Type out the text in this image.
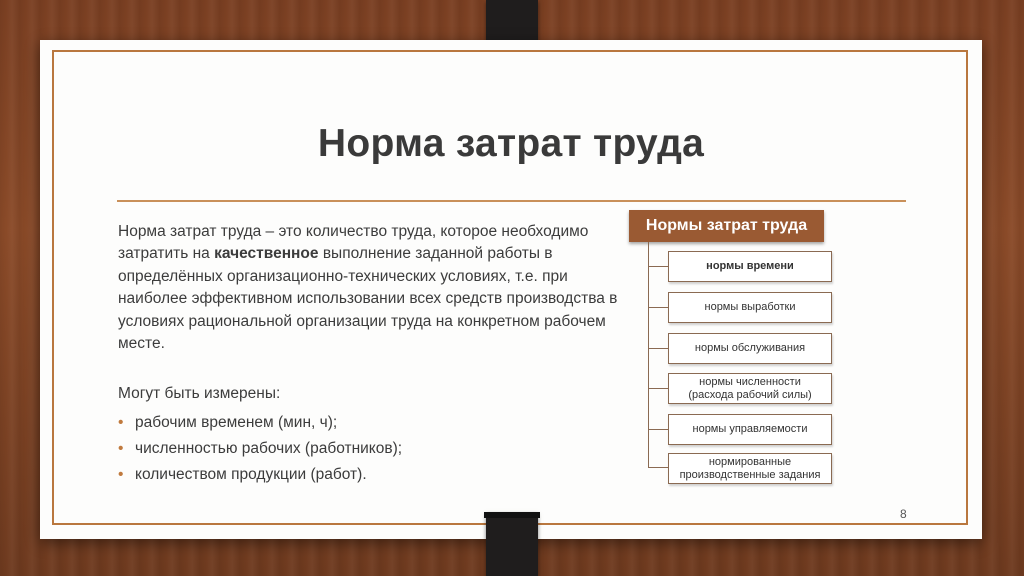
Норма затрат труда
Норма затрат труда – это количество труда, которое необходимо затратить на качественное выполнение заданной работы в определённых организационно-технических условиях, т.е. при наиболее эффективном использовании всех средств производства в условиях рациональной организации труда на конкретном рабочем месте.
Могут быть измерены:
• рабочим временем (мин, ч);
• численностью рабочих (работников);
• количеством продукции (работ).
Нормы затрат труда
нормы времени
нормы выработки
нормы обслуживания
нормы численности
(расхода рабочий силы)
нормы управляемости
нормированные
производственные задания
8
